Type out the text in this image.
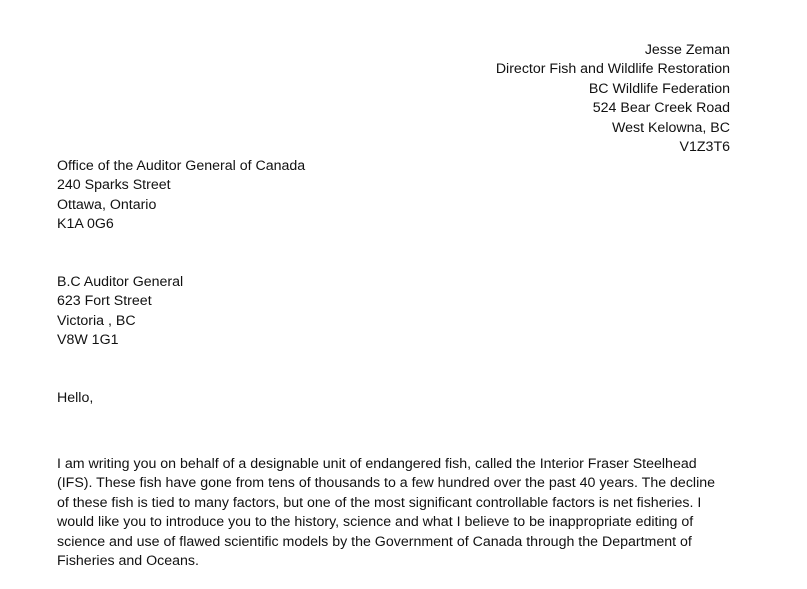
Jesse Zeman
Director Fish and Wildlife Restoration
BC Wildlife Federation
524 Bear Creek Road
West Kelowna, BC
V1Z3T6
Office of the Auditor General of Canada
240 Sparks Street
Ottawa, Ontario
K1A 0G6
B.C Auditor General
623 Fort Street
Victoria , BC
V8W 1G1
Hello,
I am writing you on behalf of a designable unit of endangered fish, called the Interior Fraser Steelhead
(IFS). These fish have gone from tens of thousands to a few hundred over the past 40 years. The decline
of these fish is tied to many factors, but one of the most significant controllable factors is net fisheries. I
would like you to introduce you to the history, science and what I believe to be inappropriate editing of
science and use of flawed scientific models by the Government of Canada through the Department of
Fisheries and Oceans.
